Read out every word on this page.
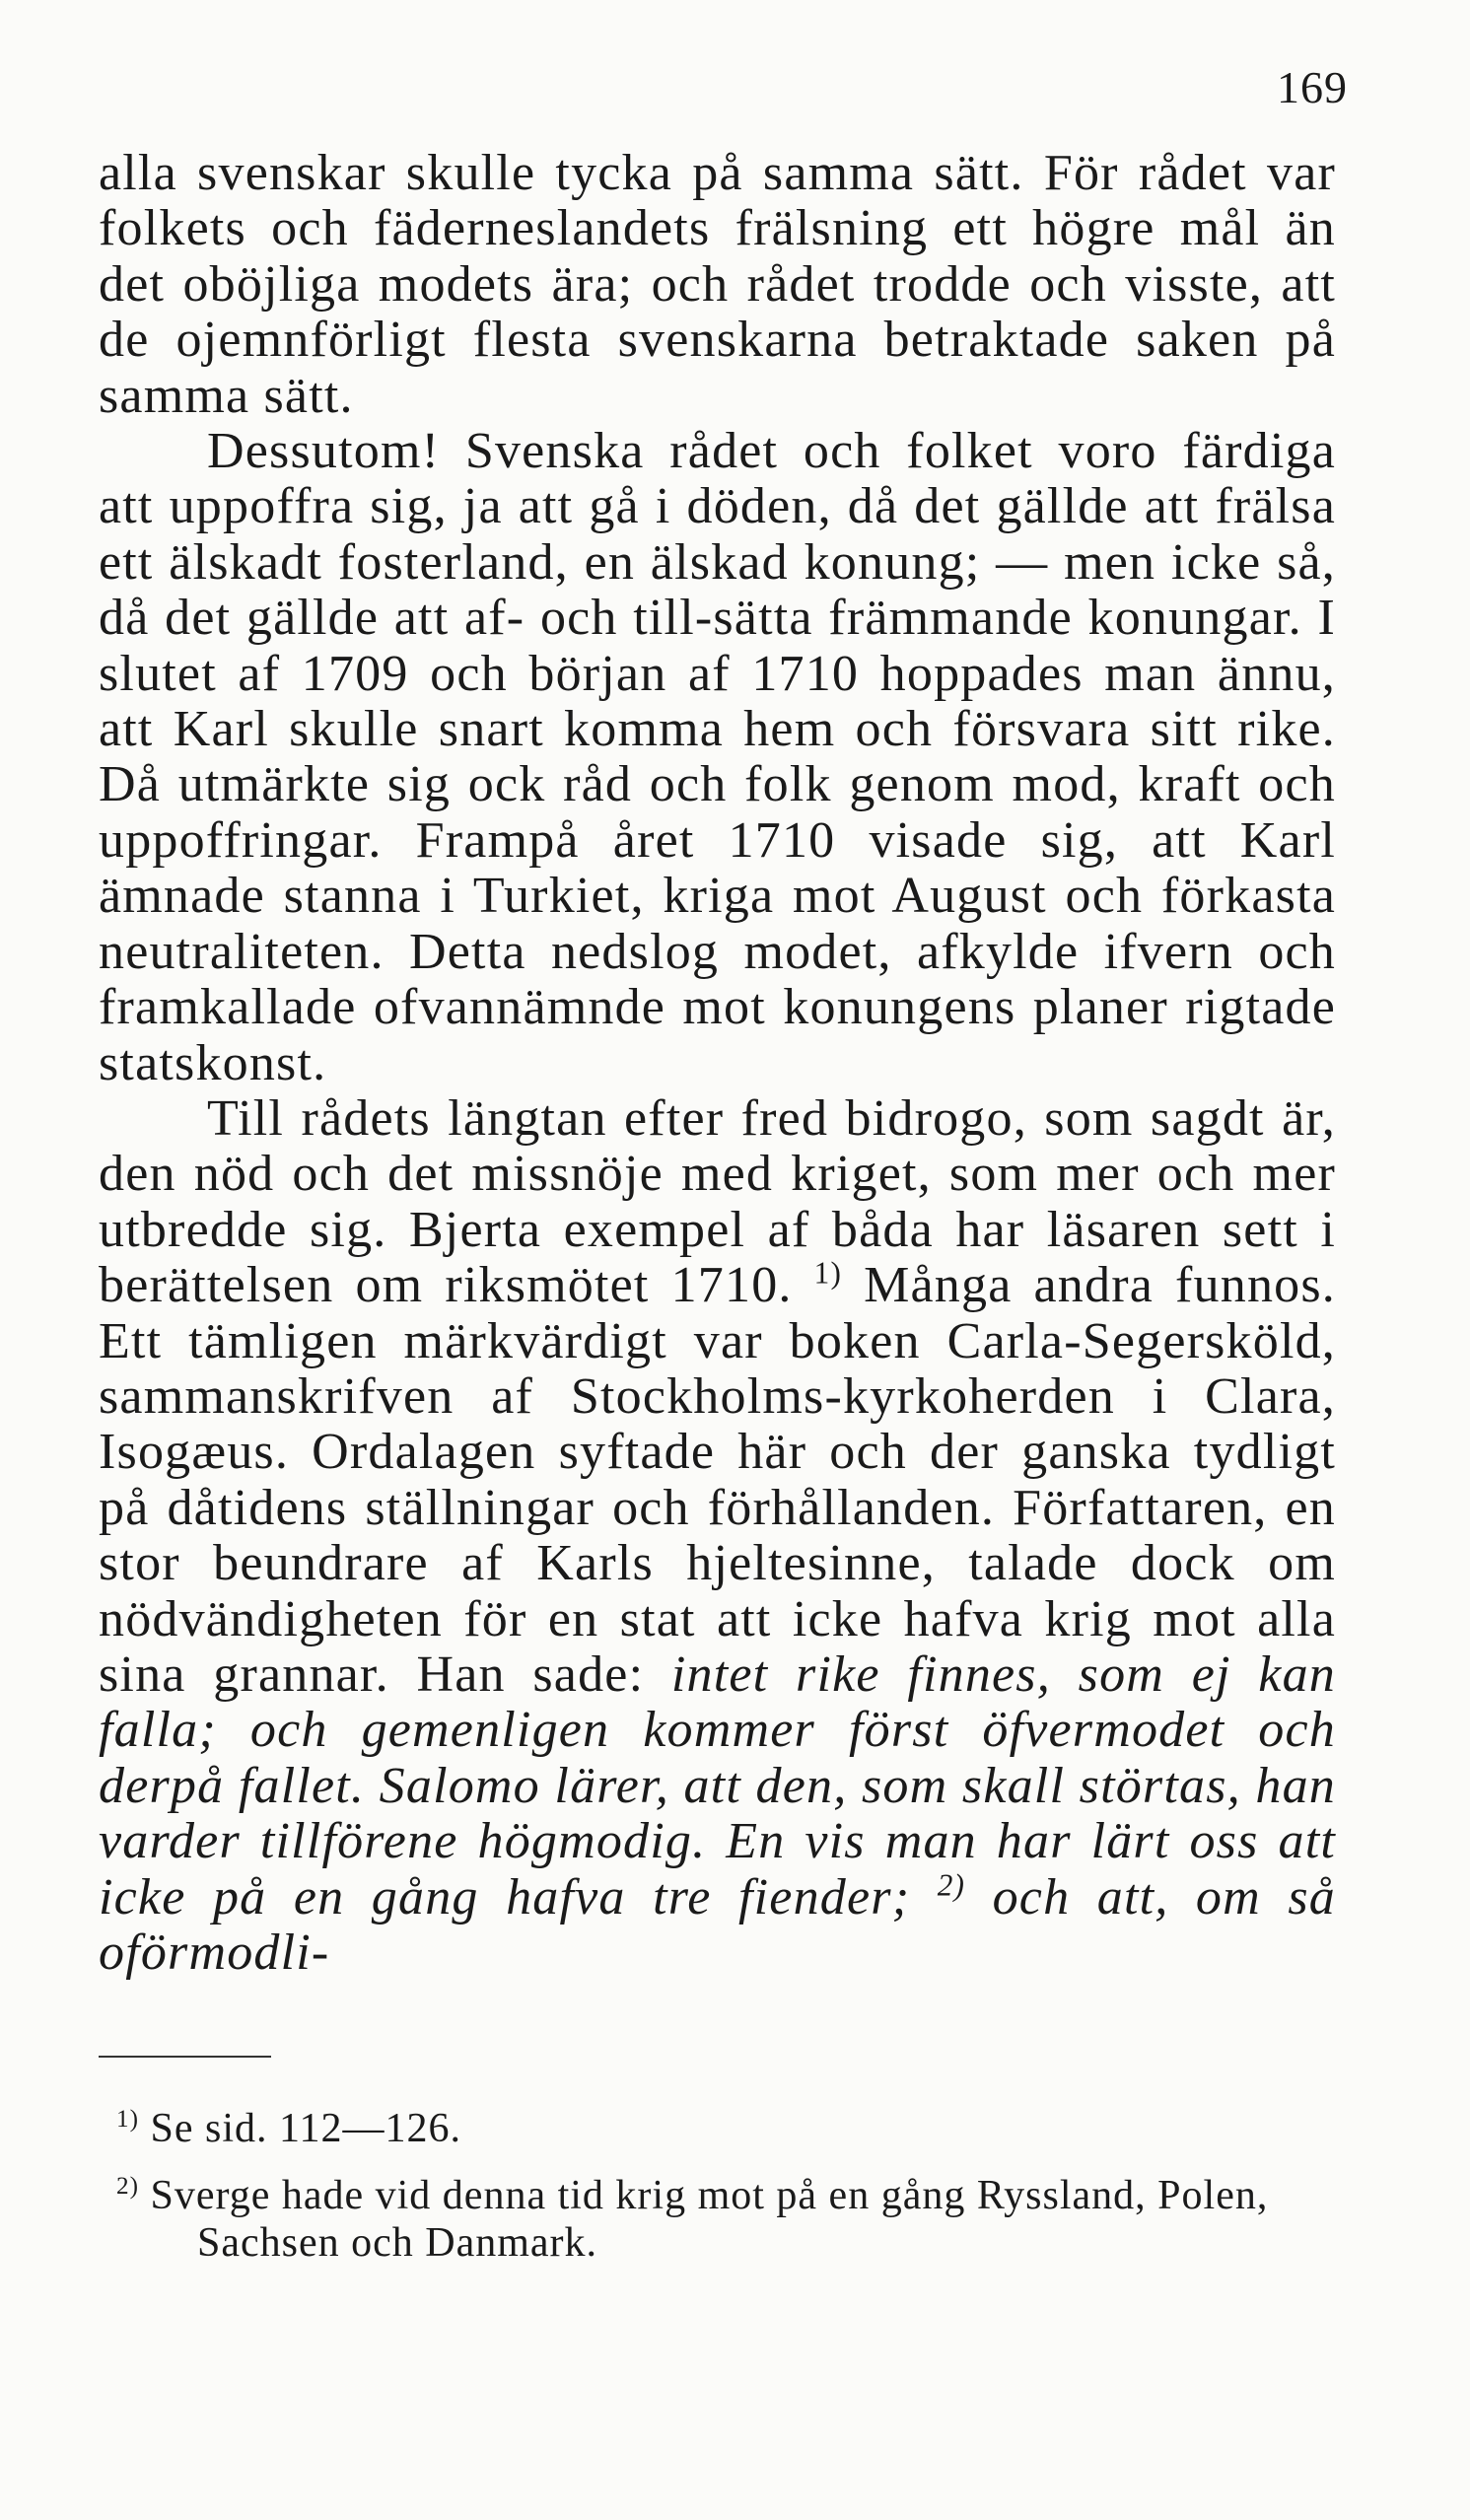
169

alla svenskar skulle tycka på samma sätt. För rådet var folkets och fäderneslandets frälsning ett högre mål än det oböjliga modets ära; och rådet trodde och visste, att de ojemnförligt flesta svenskarna betraktade saken på samma sätt.

Dessutom! Svenska rådet och folket voro färdiga att uppoffra sig, ja att gå i döden, då det gällde att frälsa ett älskadt fosterland, en älskad konung; — men icke så, då det gällde att af- och till-sätta främmande konungar. I slutet af 1709 och början af 1710 hoppades man ännu, att Karl skulle snart komma hem och försvara sitt rike. Då utmärkte sig ock råd och folk genom mod, kraft och uppoffringar. Frampå året 1710 visade sig, att Karl ämnade stanna i Turkiet, kriga mot August och förkasta neutraliteten. Detta nedslog modet, afkylde ifvern och framkallade ofvannämnde mot konungens planer rigtade statskonst.

Till rådets längtan efter fred bidrogo, som sagdt är, den nöd och det missnöje med kriget, som mer och mer utbredde sig. Bjerta exempel af båda har läsaren sett i berättelsen om riksmötet 1710. $^{1)}$ Många andra funnos. Ett tämligen märkvärdigt var boken Carla-Segersköld, sammanskrifven af Stockholms-kyrkoherden i Clara, Isogæus. Ordalagen syftade här och der ganska tydligt på dåtidens ställningar och förhållanden. Författaren, en stor beundrare af Karls hjeltesinne, talade dock om nödvändigheten för en stat att icke hafva krig mot alla sina grannar. Han sade: intet rike finnes, som ej kan falla; och gemenligen kommer först öfvermodet och derpå fallet. Salomo lärer, att den, som skall störtas, han varder tillförene högmodig. En vis man har lärt oss att icke på en gång hafva tre fiender; $^{2)}$ och att, om så oförmodli-

$^{1)}$ Se sid. 112—126.

$^{2)}$ Sverge hade vid denna tid krig mot på en gång Ryssland, Polen, Sachsen och Danmark.
